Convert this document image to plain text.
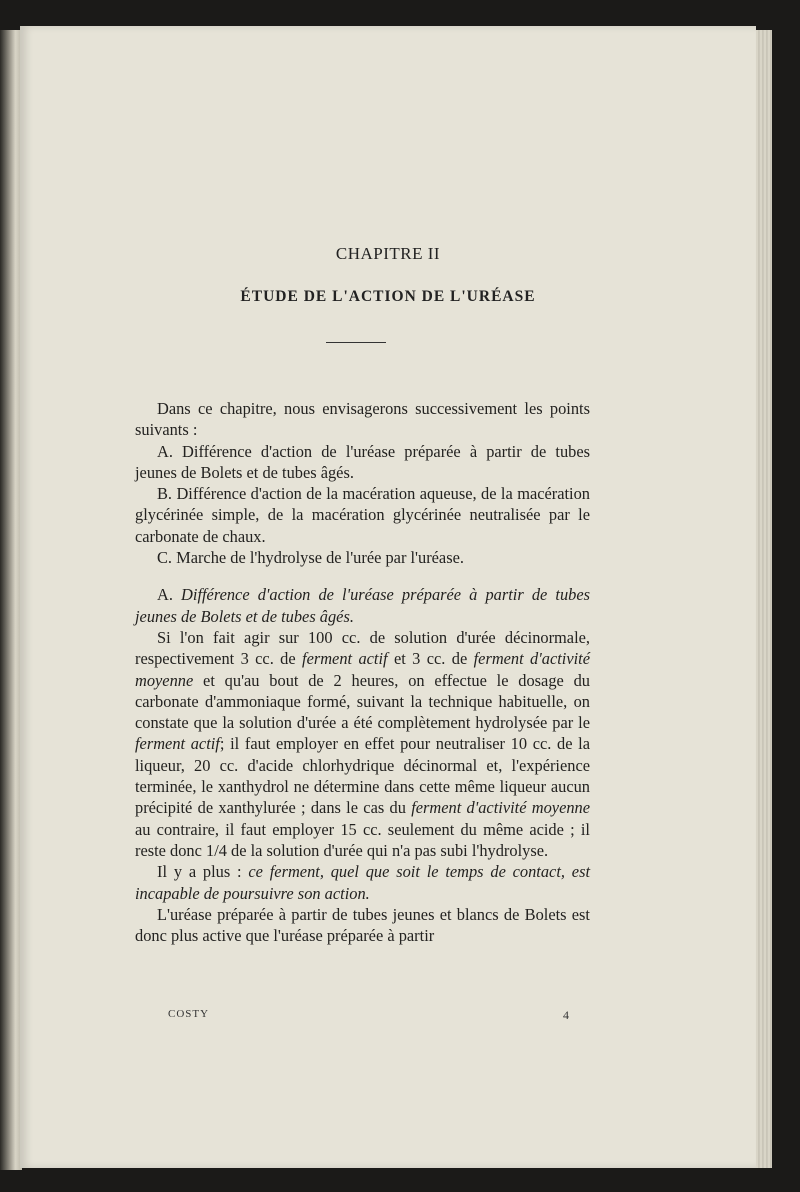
CHAPITRE II
ÉTUDE DE L'ACTION DE L'URÉASE

Dans ce chapitre, nous envisagerons successivement les points suivants :

A. Différence d'action de l'uréase préparée à partir de tubes jeunes de Bolets et de tubes âgés.

B. Différence d'action de la macération aqueuse, de la macération glycérinée simple, de la macération glycérinée neutralisée par le carbonate de chaux.

C. Marche de l'hydrolyse de l'urée par l'uréase.

A. Différence d'action de l'uréase préparée à partir de tubes jeunes de Bolets et de tubes âgés.

Si l'on fait agir sur 100 cc. de solution d'urée décinormale, respectivement 3 cc. de ferment actif et 3 cc. de ferment d'activité moyenne et qu'au bout de 2 heures, on effectue le dosage du carbonate d'ammoniaque formé, suivant la technique habituelle, on constate que la solution d'urée a été complètement hydrolysée par le ferment actif; il faut employer en effet pour neutraliser 10 cc. de la liqueur, 20 cc. d'acide chlorhydrique décinormal et, l'expérience terminée, le xanthydrol ne détermine dans cette même liqueur aucun précipité de xanthylurée ; dans le cas du ferment d'activité moyenne au contraire, il faut employer 15 cc. seulement du même acide ; il reste donc 1/4 de la solution d'urée qui n'a pas subi l'hydrolyse.

Il y a plus : ce ferment, quel que soit le temps de contact, est incapable de poursuivre son action.

L'uréase préparée à partir de tubes jeunes et blancs de Bolets est donc plus active que l'uréase préparée à partir

COSTY	4
